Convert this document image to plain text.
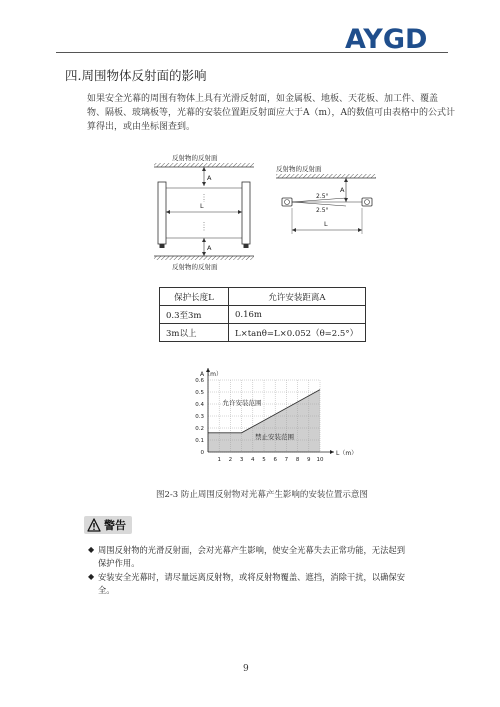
AYGD
四.周围物体反射面的影响
如果安全光幕的周围有物体上具有光滑反射面，如金属板、地板、天花板、加工件、覆盖
物、隔板、玻璃板等，光幕的安装位置距反射面应大于A（m），A的数值可由表格中的公式计
算得出，或由坐标图查到。
反射物的反射面
A
L
A
反射物的反射面
反射物的反射面
A
2.5°
2.5°
L
保护长度L	允许安装距离A
0.3至3m	0.16m
3m以上	L×tanθ=L×0.052（θ=2.5°）
1 2 3 4 5 6 7 8 9 10
0
0.1
0.2
0.3
0.4
0.5
0.6
A（m）
L（m）
允许安装范围
禁止安装范围
图2-3 防止周围反射物对光幕产生影响的安装位置示意图
警告
◆ 周围反射物的光滑反射面，会对光幕产生影响，使安全光幕失去正常功能，无法起到
保护作用。
◆ 安装安全光幕时，请尽量远离反射物，或将反射物覆盖、遮挡，消除干扰，以确保安
全。
9
